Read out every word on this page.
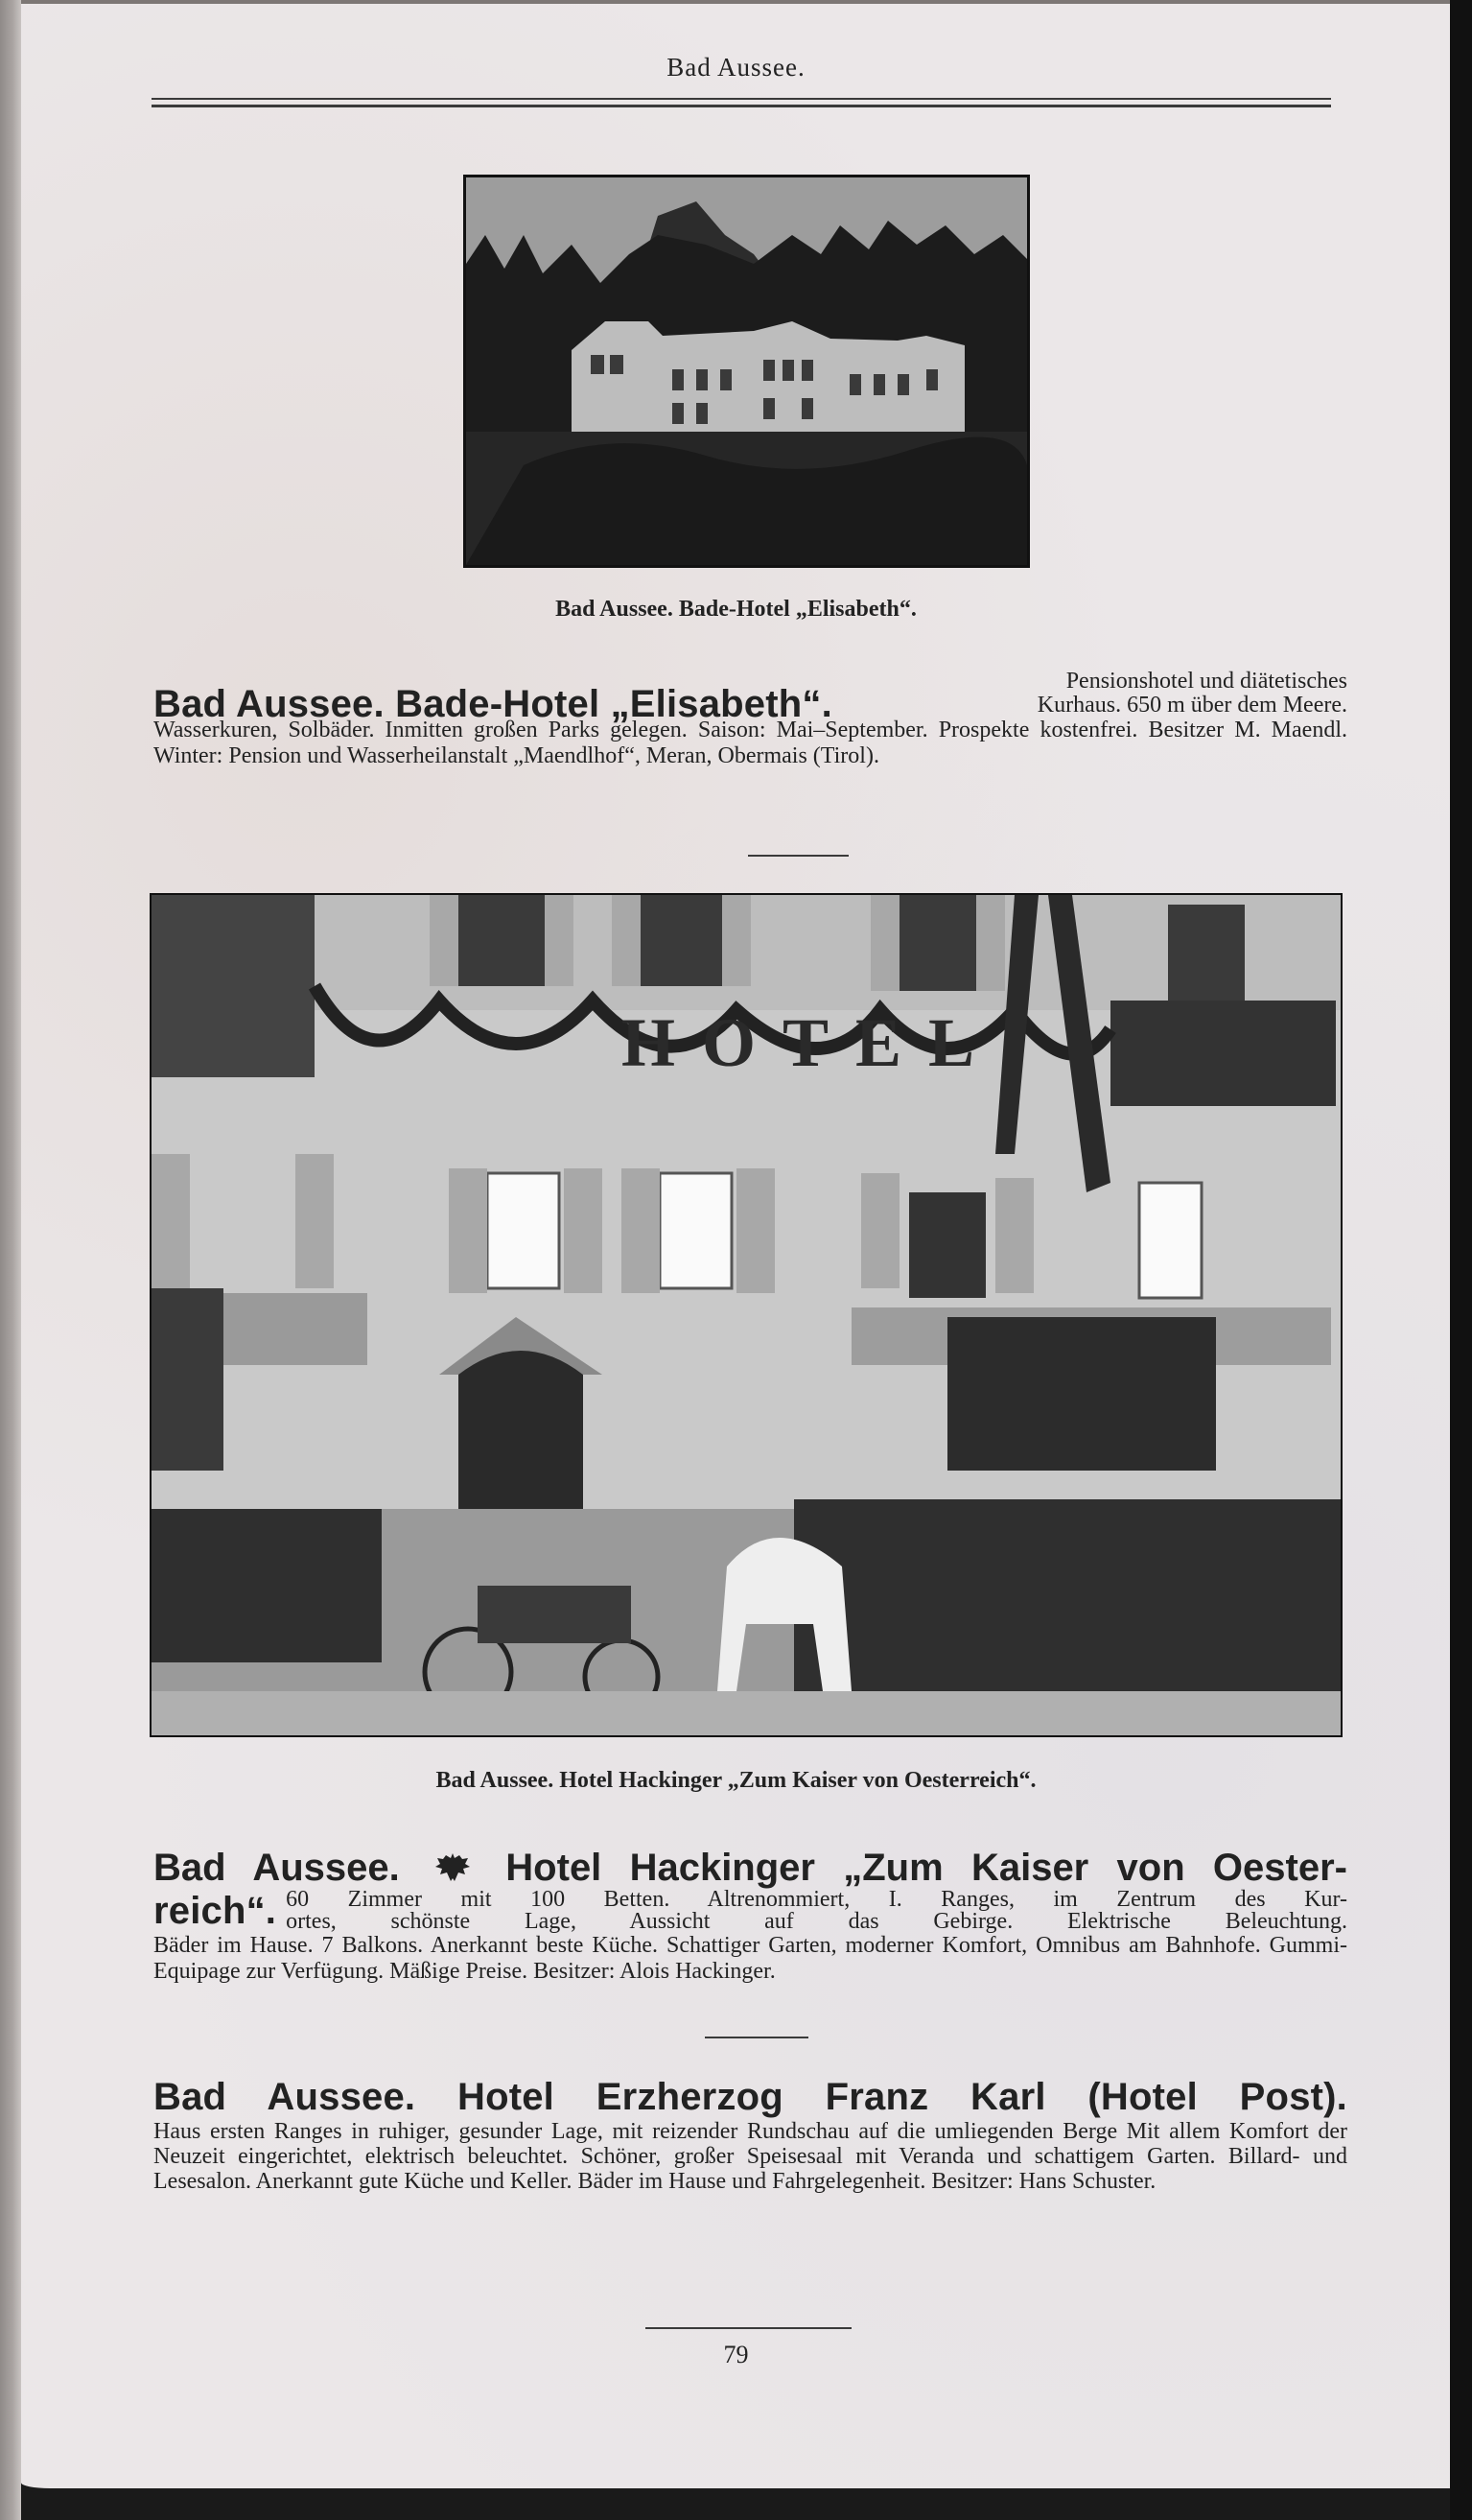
Bad Aussee.
Bad Aussee. Bade-Hotel „Elisabeth“.
Bad Aussee. Bade-Hotel „Elisabeth“.
Pensionshotel und diätetisches
Kurhaus. 650 m über dem Meere.

Wasserkuren, Solbäder. Inmitten großen Parks gelegen. Saison: Mai–September. Prospekte kostenfrei. Besitzer M. Maendl. Winter: Pension und Wasserheilanstalt „Maendlhof“, Meran, Obermais (Tirol).

HOTEL
Bad Aussee. Hotel Hackinger „Zum Kaiser von Oesterreich“.
Bad Aussee.	Hotel Hackinger „Zum Kaiser von Oester-
reich“. 60 Zimmer mit 100 Betten. Altrenommiert, I. Ranges, im Zentrum des Kur-
ortes, schönste Lage, Aussicht auf das Gebirge. Elektrische Beleuchtung.

Bäder im Hause. 7 Balkons. Anerkannt beste Küche. Schattiger Garten, moderner Komfort, Omnibus am Bahnhofe. Gummi-Equipage zur Verfügung. Mäßige Preise. Besitzer: Alois Hackinger.

Bad Aussee. Hotel Erzherzog Franz Karl (Hotel Post).

Haus ersten Ranges in ruhiger, gesunder Lage, mit reizender Rundschau auf die umliegenden Berge Mit allem Komfort der Neuzeit eingerichtet, elektrisch beleuchtet. Schöner, großer Speisesaal mit Veranda und schattigem Garten. Billard- und Lesesalon. Anerkannt gute Küche und Keller. Bäder im Hause und Fahrgelegenheit. Besitzer: Hans Schuster.

79
